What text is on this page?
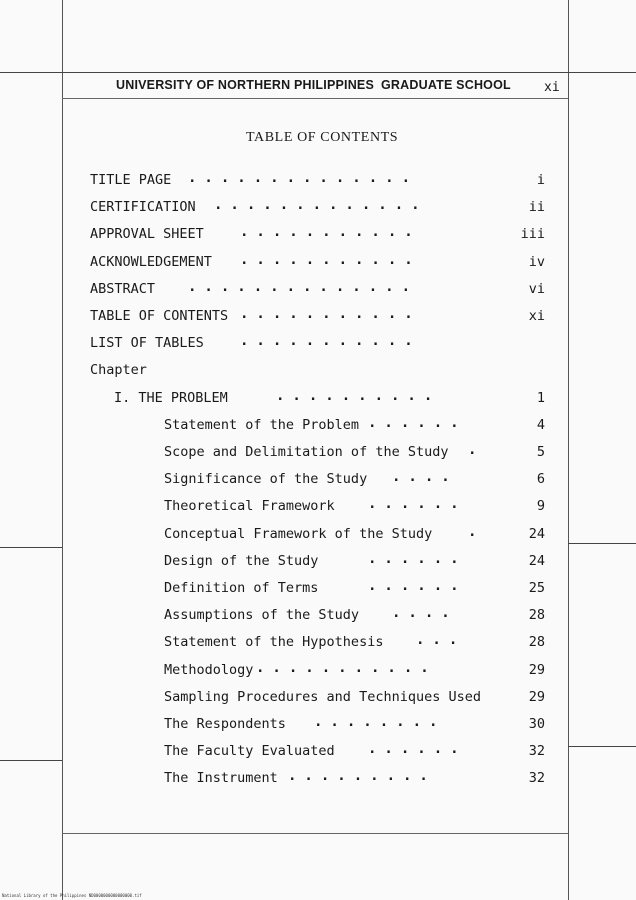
UNIVERSITY OF NORTHERN PHILIPPINES GRADUATE SCHOOL	xi
TABLE OF CONTENTS
TITLE PAGE ..............	i
CERTIFICATION .............	ii
APPROVAL SHEET	...........	iii
ACKNOWLEDGEMENT ...........	iv
ABSTRACT ..............	vi
TABLE OF CONTENTS ...........	xi
LIST OF TABLES	...........
Chapter
I. THE PROBLEM	..........	1
Statement of the Problem ......	4
Scope and Delimitation of the Study .	5
Significance of the Study ....	6
Theoretical Framework ......	9
Conceptual Framework of the Study	.	24
Design of the Study	......	24
Definition of Terms	......	25
Assumptions of the Study ....	28
Statement of the Hypothesis ...	28
Methodology ...........	29
Sampling Procedures and Techniques Used	29
The Respondents ........	30
The Faculty Evaluated ......	32
The Instrument .........	32
National Library of the Philippines ND0000000000000000.tif
